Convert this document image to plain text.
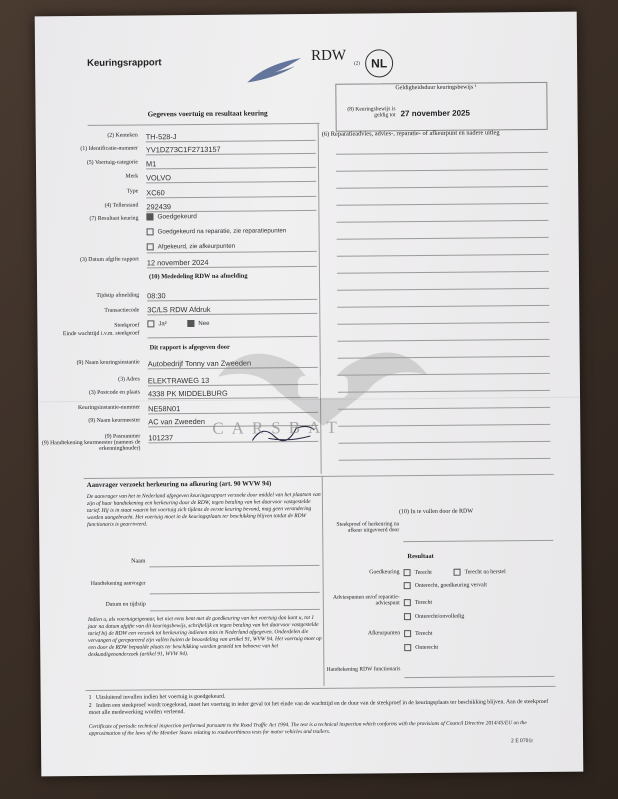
Keuringsrapport	RDW
(2) NL
Geldigheidsduur keuringsbewijs ¹
(8) Keuringsbewijs is geldig tot 27 november 2025
Gegevens voertuig en resultaat keuring
(6) Reparatieadvies, advies-, reparatie- of afkeurpunt en nadere uitleg
(2) Kenteken TH-528-J
(1) Identificatie-nummer YV1DZ73C1F2713157
(5) Voertuig-categorie M1
Merk VOLVO
Type XC60
(4) Tellerstand 292439
(7) Resultaat keuring	Goedgekeurd
Goedgekeurd na reparatie, zie reparatiepunten
Afgekeurd, zie afkeurpunten
(3) Datum afgifte rapport 12 november 2024
(10) Mededeling RDW na afmelding
Tijdstip afmelding 08:30
Transactiecode 3C/LS RDW Afdruk
Steekproef	Ja²	Nee
Einde wachttijd i.v.m. steekproef
Dit rapport is afgegeven door
(9) Naam keuringsinstantie Autobedrijf Tonny van Zweeden
(3) Adres ELEKTRAWEG 13
(3) Postcode en plaats 4338 PK MIDDELBURG
Keuringsinstantie-nummer NE58N01
(9) Naam keurmeester AC van Zweeden
(9) Pasnummer 101237
(9) Handtekening keurmeester (namens de erkenninghouder)
CARSBAT
Aanvrager verzoekt herkeuring na afkeuring (art. 90 WVW 94)
De aanvrager van het in Nederland afgegeven keuringsrapport verzoekt door middel van het plaatsen van zijn of haar handtekening een herkeuring door de RDW, tegen betaling van het daarvoor vastgestelde tarief. Hij is in staat waarin het voertuig zich tijdens de eerste keuring bevond, mag geen verandering worden aangebracht. Het voertuig moet in de keuringsplaats ter beschikking blijven totdat de RDW functionaris is gearriveerd.
Naam
Handtekening aanvrager
Datum en tijdstip
Indien u, als voertuigeigenaar, het niet eens bent met de goedkeuring van het voertuig dan kunt u, tot 1 jaar na datum afgifte van dit keuringsbewijs, schriftelijk en tegen betaling van het daarvoor vastgestelde tarief bij de RDW een verzoek tot herkeuring indienen mits in Nederland afgegeven. Onderdelen die vervangen of gerepareerd zijn vallen buiten de beoordeling van artikel 91, WVW 94. Het voertuig moet op een door de RDW bepaalde plaats ter beschikking worden gesteld ten behoeve van het deskundigenonderzoek (artikel 91, WVW 94).
(10) In te vullen door de RDW
Steekproef of herkeuring na afkeur uitgevoerd door
Resultaat
Goedkeuring	Terecht	Terecht na herstel
Onterecht, goedkeuring vervalt
Adviespunten en/of reparatieadviespunt	Terecht
Onterecht/onvolledig
Afkeurpunten	Terecht
Onterecht
Handtekening RDW functionaris
1 Uitsluitend invullen indien het voertuig is goedgekeurd.
2 Indien een steekproef wordt toegekend, moet het voertuig in ieder geval tot het einde van de wachttijd en de duur van de steekproef in de keuringsplaats ter beschikking blijven. Aan de steekproef moet alle medewerking worden verleend.
Certificate of periodic technical inspection performed pursuant to the Road Traffic Act 1994. The test is a technical inspection which conforms with the provisions of Council Directive 2014/45/EU on the approximation of the laws of the Member States relating to roadworthiness tests for motor vehicles and trailers.
2 E 0701r
